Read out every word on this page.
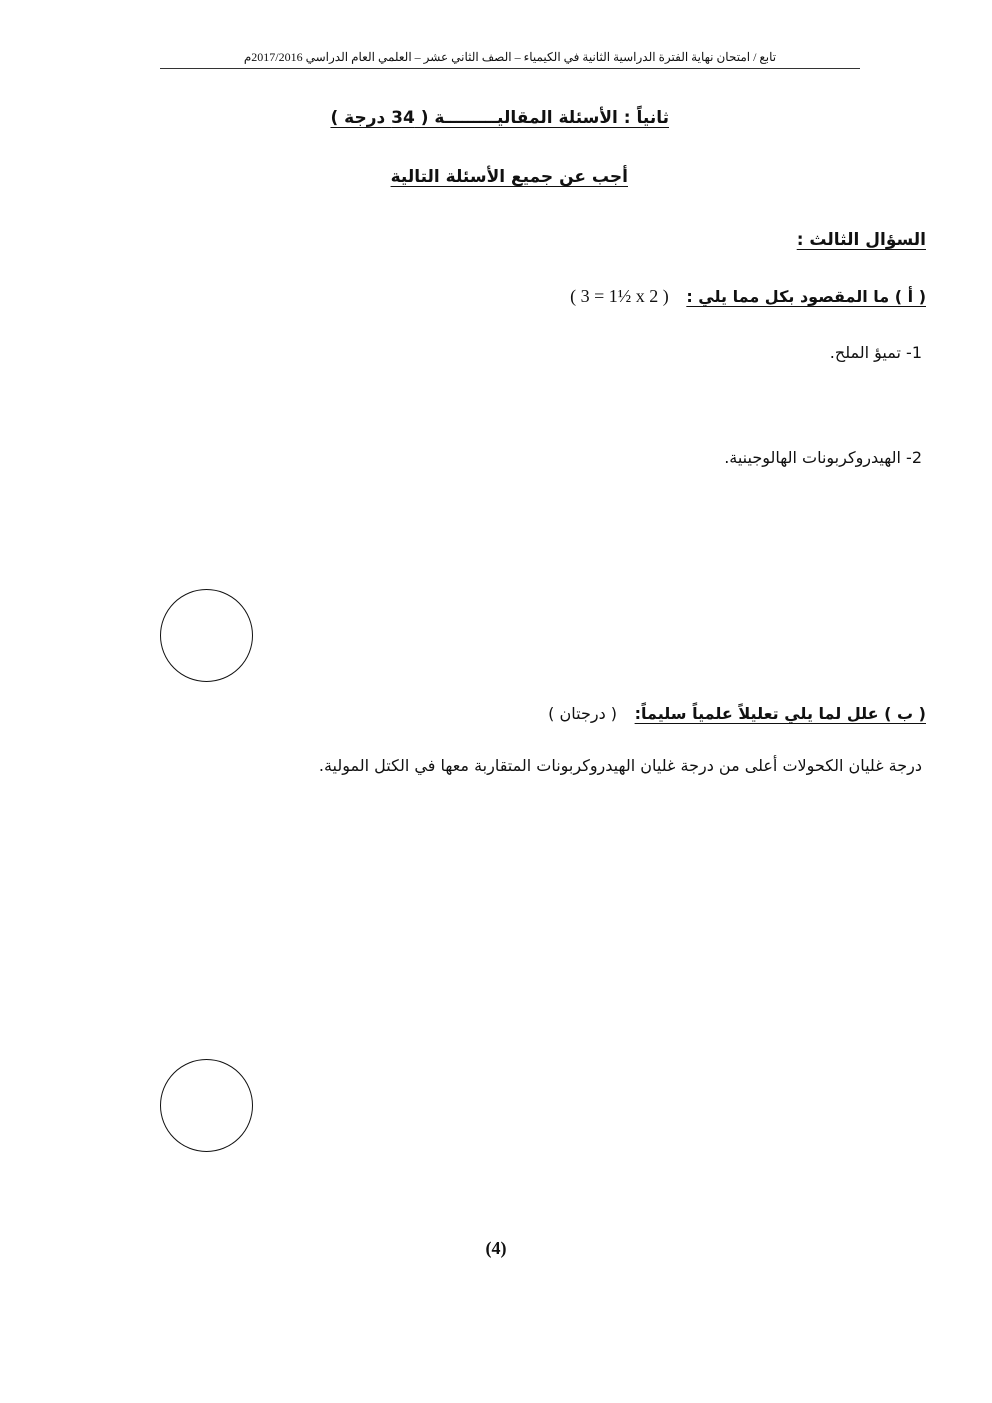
تابع / امتحان نهاية الفترة الدراسية الثانية في الكيمياء – الصف الثاني عشر – العلمي العام الدراسي 2017/2016م
ثانياً : الأسئلة المقاليـــــــــة ( 34 درجة )
أجب عن جميع الأسئلة التالية
السؤال الثالث :
( أ ) ما المقصود بكل مما يلي : ( 3 = 1½ x 2 )
1- تميؤ الملح.
2- الهيدروكربونات الهالوجينية.
( ب ) علل لما يلي تعليلاً علمياً سليماً: ( درجتان )
درجة غليان الكحولات أعلى من درجة غليان الهيدروكربونات المتقاربة معها في الكتل المولية.
(4)
